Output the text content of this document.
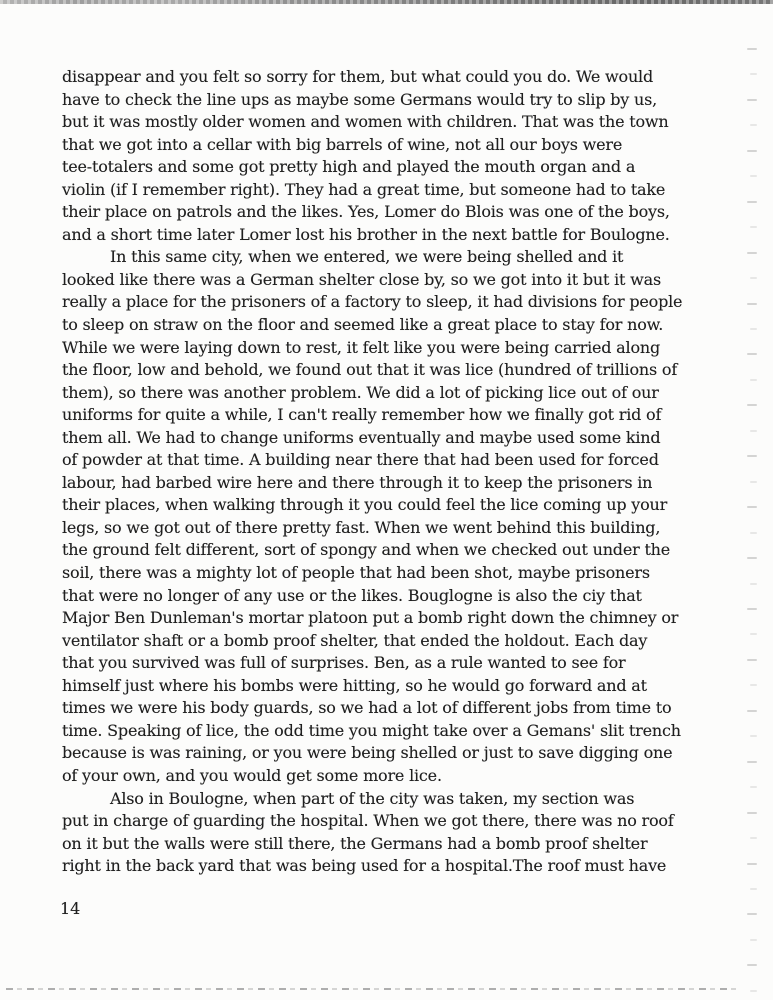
disappear and you felt so sorry for them, but what could you do. We would
have to check the line ups as maybe some Germans would try to slip by us,
but it was mostly older women and women with children. That was the town
that we got into a cellar with big barrels of wine, not all our boys were
tee-totalers and some got pretty high and played the mouth organ and a
violin (if I remember right). They had a great time, but someone had to take
their place on patrols and the likes. Yes, Lomer do Blois was one of the boys,
and a short time later Lomer lost his brother in the next battle for Boulogne.
In this same city, when we entered, we were being shelled and it
looked like there was a German shelter close by, so we got into it but it was
really a place for the prisoners of a factory to sleep, it had divisions for people
to sleep on straw on the floor and seemed like a great place to stay for now.
While we were laying down to rest, it felt like you were being carried along
the floor, low and behold, we found out that it was lice (hundred of trillions of
them), so there was another problem. We did a lot of picking lice out of our
uniforms for quite a while, I can't really remember how we finally got rid of
them all. We had to change uniforms eventually and maybe used some kind
of powder at that time. A building near there that had been used for forced
labour, had barbed wire here and there through it to keep the prisoners in
their places, when walking through it you could feel the lice coming up your
legs, so we got out of there pretty fast. When we went behind this building,
the ground felt different, sort of spongy and when we checked out under the
soil, there was a mighty lot of people that had been shot, maybe prisoners
that were no longer of any use or the likes. Bouglogne is also the ciy that
Major Ben Dunleman's mortar platoon put a bomb right down the chimney or
ventilator shaft or a bomb proof shelter, that ended the holdout. Each day
that you survived was full of surprises. Ben, as a rule wanted to see for
himself just where his bombs were hitting, so he would go forward and at
times we were his body guards, so we had a lot of different jobs from time to
time. Speaking of lice, the odd time you might take over a Gemans' slit trench
because is was raining, or you were being shelled or just to save digging one
of your own, and you would get some more lice.
Also in Boulogne, when part of the city was taken, my section was
put in charge of guarding the hospital. When we got there, there was no roof
on it but the walls were still there, the Germans had a bomb proof shelter
right in the back yard that was being used for a hospital.The roof must have
14
